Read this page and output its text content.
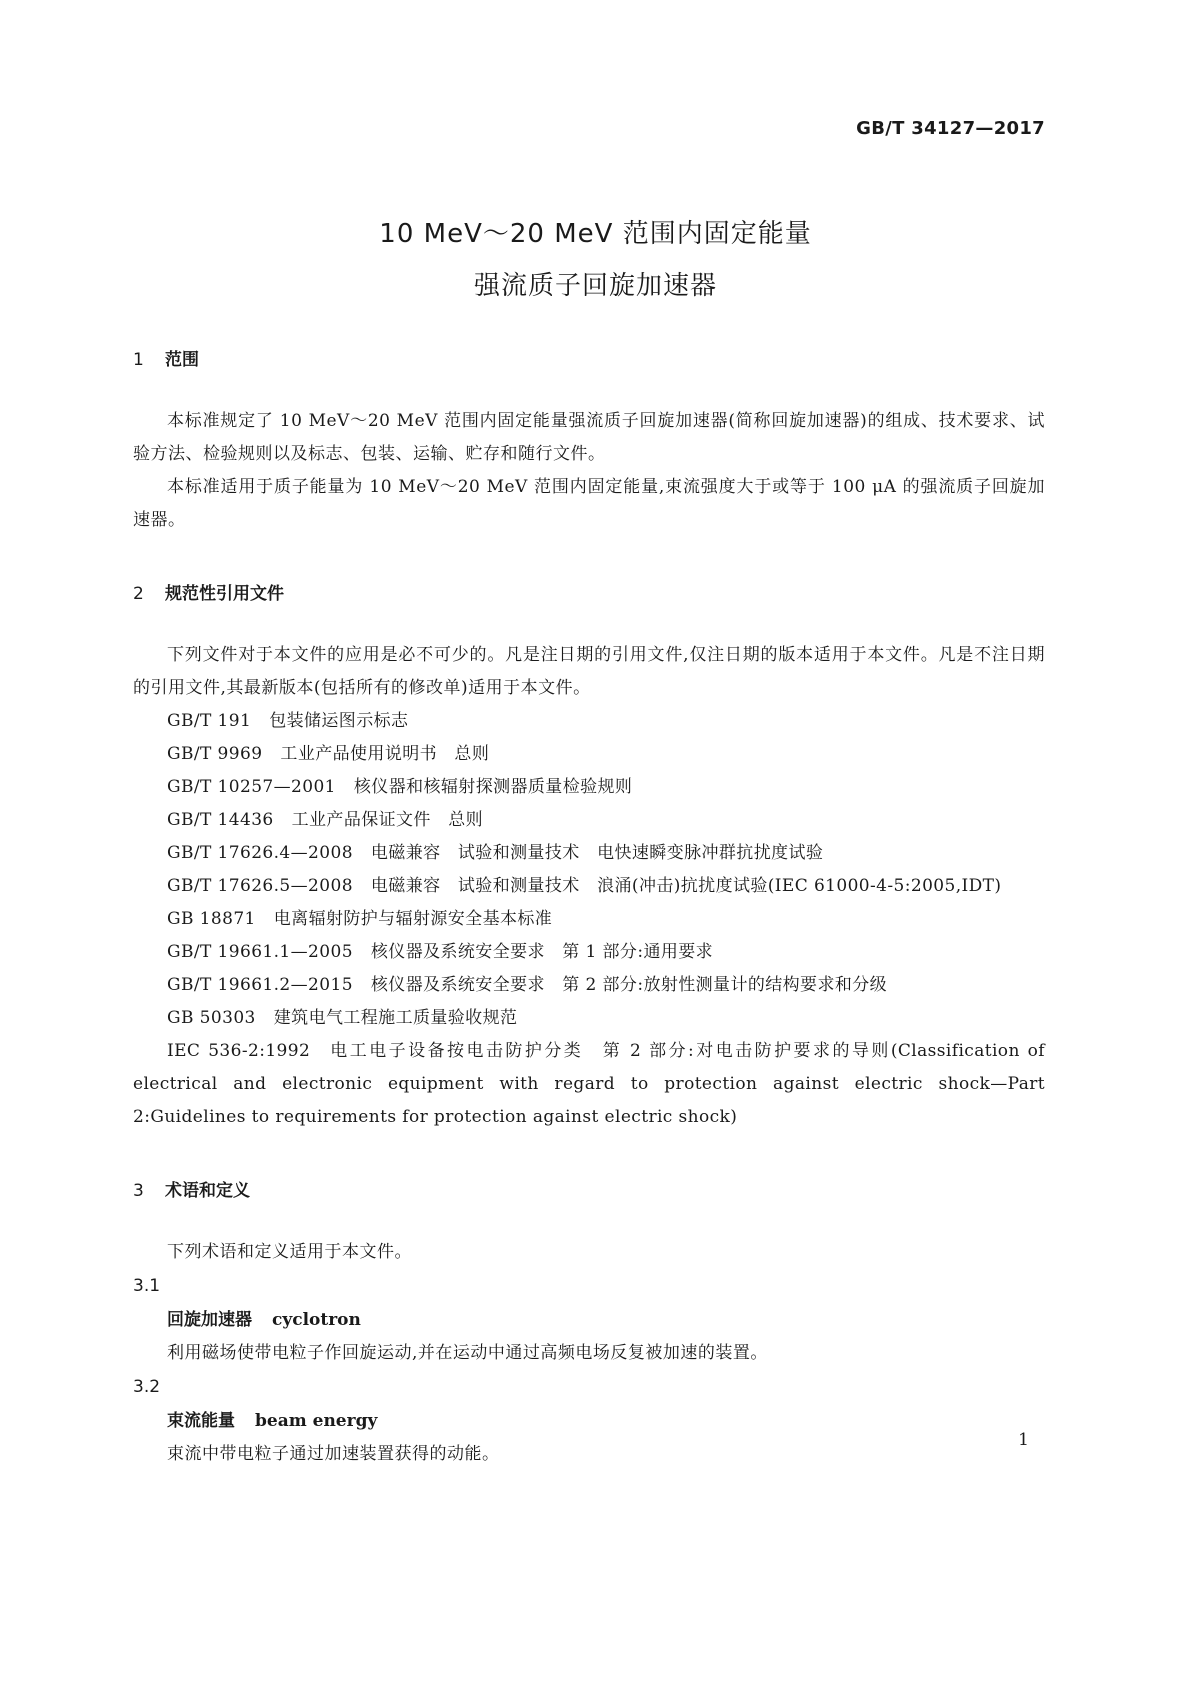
GB/T 34127—2017
10 MeV～20 MeV 范围内固定能量
强流质子回旋加速器
1 范围
本标准规定了 10 MeV～20 MeV 范围内固定能量强流质子回旋加速器(简称回旋加速器)的组成、技术要求、试验方法、检验规则以及标志、包装、运输、贮存和随行文件。
本标准适用于质子能量为 10 MeV～20 MeV 范围内固定能量,束流强度大于或等于 100 μA 的强流质子回旋加速器。
2 规范性引用文件
下列文件对于本文件的应用是必不可少的。凡是注日期的引用文件,仅注日期的版本适用于本文件。凡是不注日期的引用文件,其最新版本(包括所有的修改单)适用于本文件。
GB/T 191 包装储运图示标志
GB/T 9969 工业产品使用说明书　总则
GB/T 10257—2001 核仪器和核辐射探测器质量检验规则
GB/T 14436 工业产品保证文件　总则
GB/T 17626.4—2008 电磁兼容　试验和测量技术　电快速瞬变脉冲群抗扰度试验
GB/T 17626.5—2008 电磁兼容　试验和测量技术　浪涌(冲击)抗扰度试验(IEC 61000-4-5:2005,IDT)
GB 18871 电离辐射防护与辐射源安全基本标准
GB/T 19661.1—2005 核仪器及系统安全要求　第 1 部分:通用要求
GB/T 19661.2—2015 核仪器及系统安全要求　第 2 部分:放射性测量计的结构要求和分级
GB 50303 建筑电气工程施工质量验收规范
IEC 536-2:1992 电工电子设备按电击防护分类　第 2 部分:对电击防护要求的导则(Classification of electrical and electronic equipment with regard to protection against electric shock—Part 2:Guidelines to requirements for protection against electric shock)
3 术语和定义
下列术语和定义适用于本文件。
3.1
回旋加速器 cyclotron
利用磁场使带电粒子作回旋运动,并在运动中通过高频电场反复被加速的装置。
3.2
束流能量 beam energy
束流中带电粒子通过加速装置获得的动能。
1
